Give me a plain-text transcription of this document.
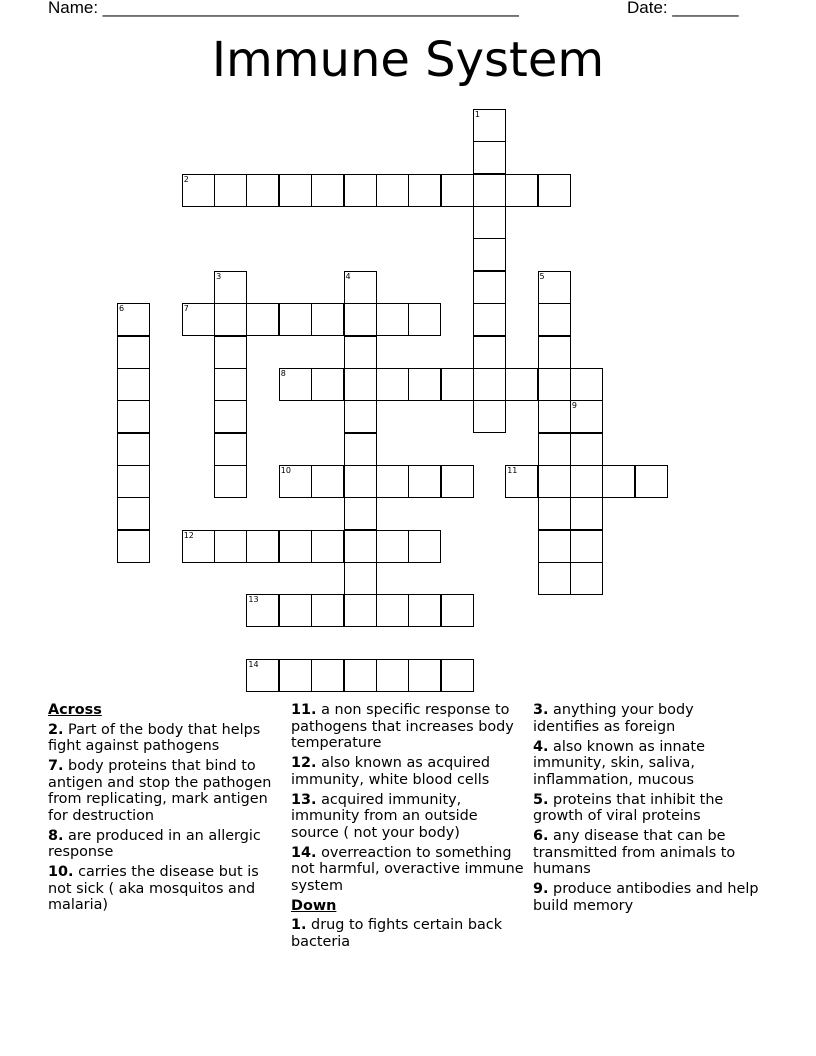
Name: ____________________________________________	Date: _______
Immune System
1
2
3	4	5
6	7
8
9
10	11
12
13
14
Across
2. Part of the body that helps fight against pathogens
7. body proteins that bind to antigen and stop the pathogen from replicating, mark antigen for destruction
8. are produced in an allergic response
10. carries the disease but is not sick ( aka mosquitos and malaria)
11. a non specific response to pathogens that increases body temperature
12. also known as acquired immunity, white blood cells
13. acquired immunity, immunity from an outside source ( not your body)
14. overreaction to something not harmful, overactive immune system
Down
1. drug to fights certain back bacteria
3. anything your body identifies as foreign
4. also known as innate immunity, skin, saliva, inflammation, mucous
5. proteins that inhibit the growth of viral proteins
6. any disease that can be transmitted from animals to humans
9. produce antibodies and help build memory
